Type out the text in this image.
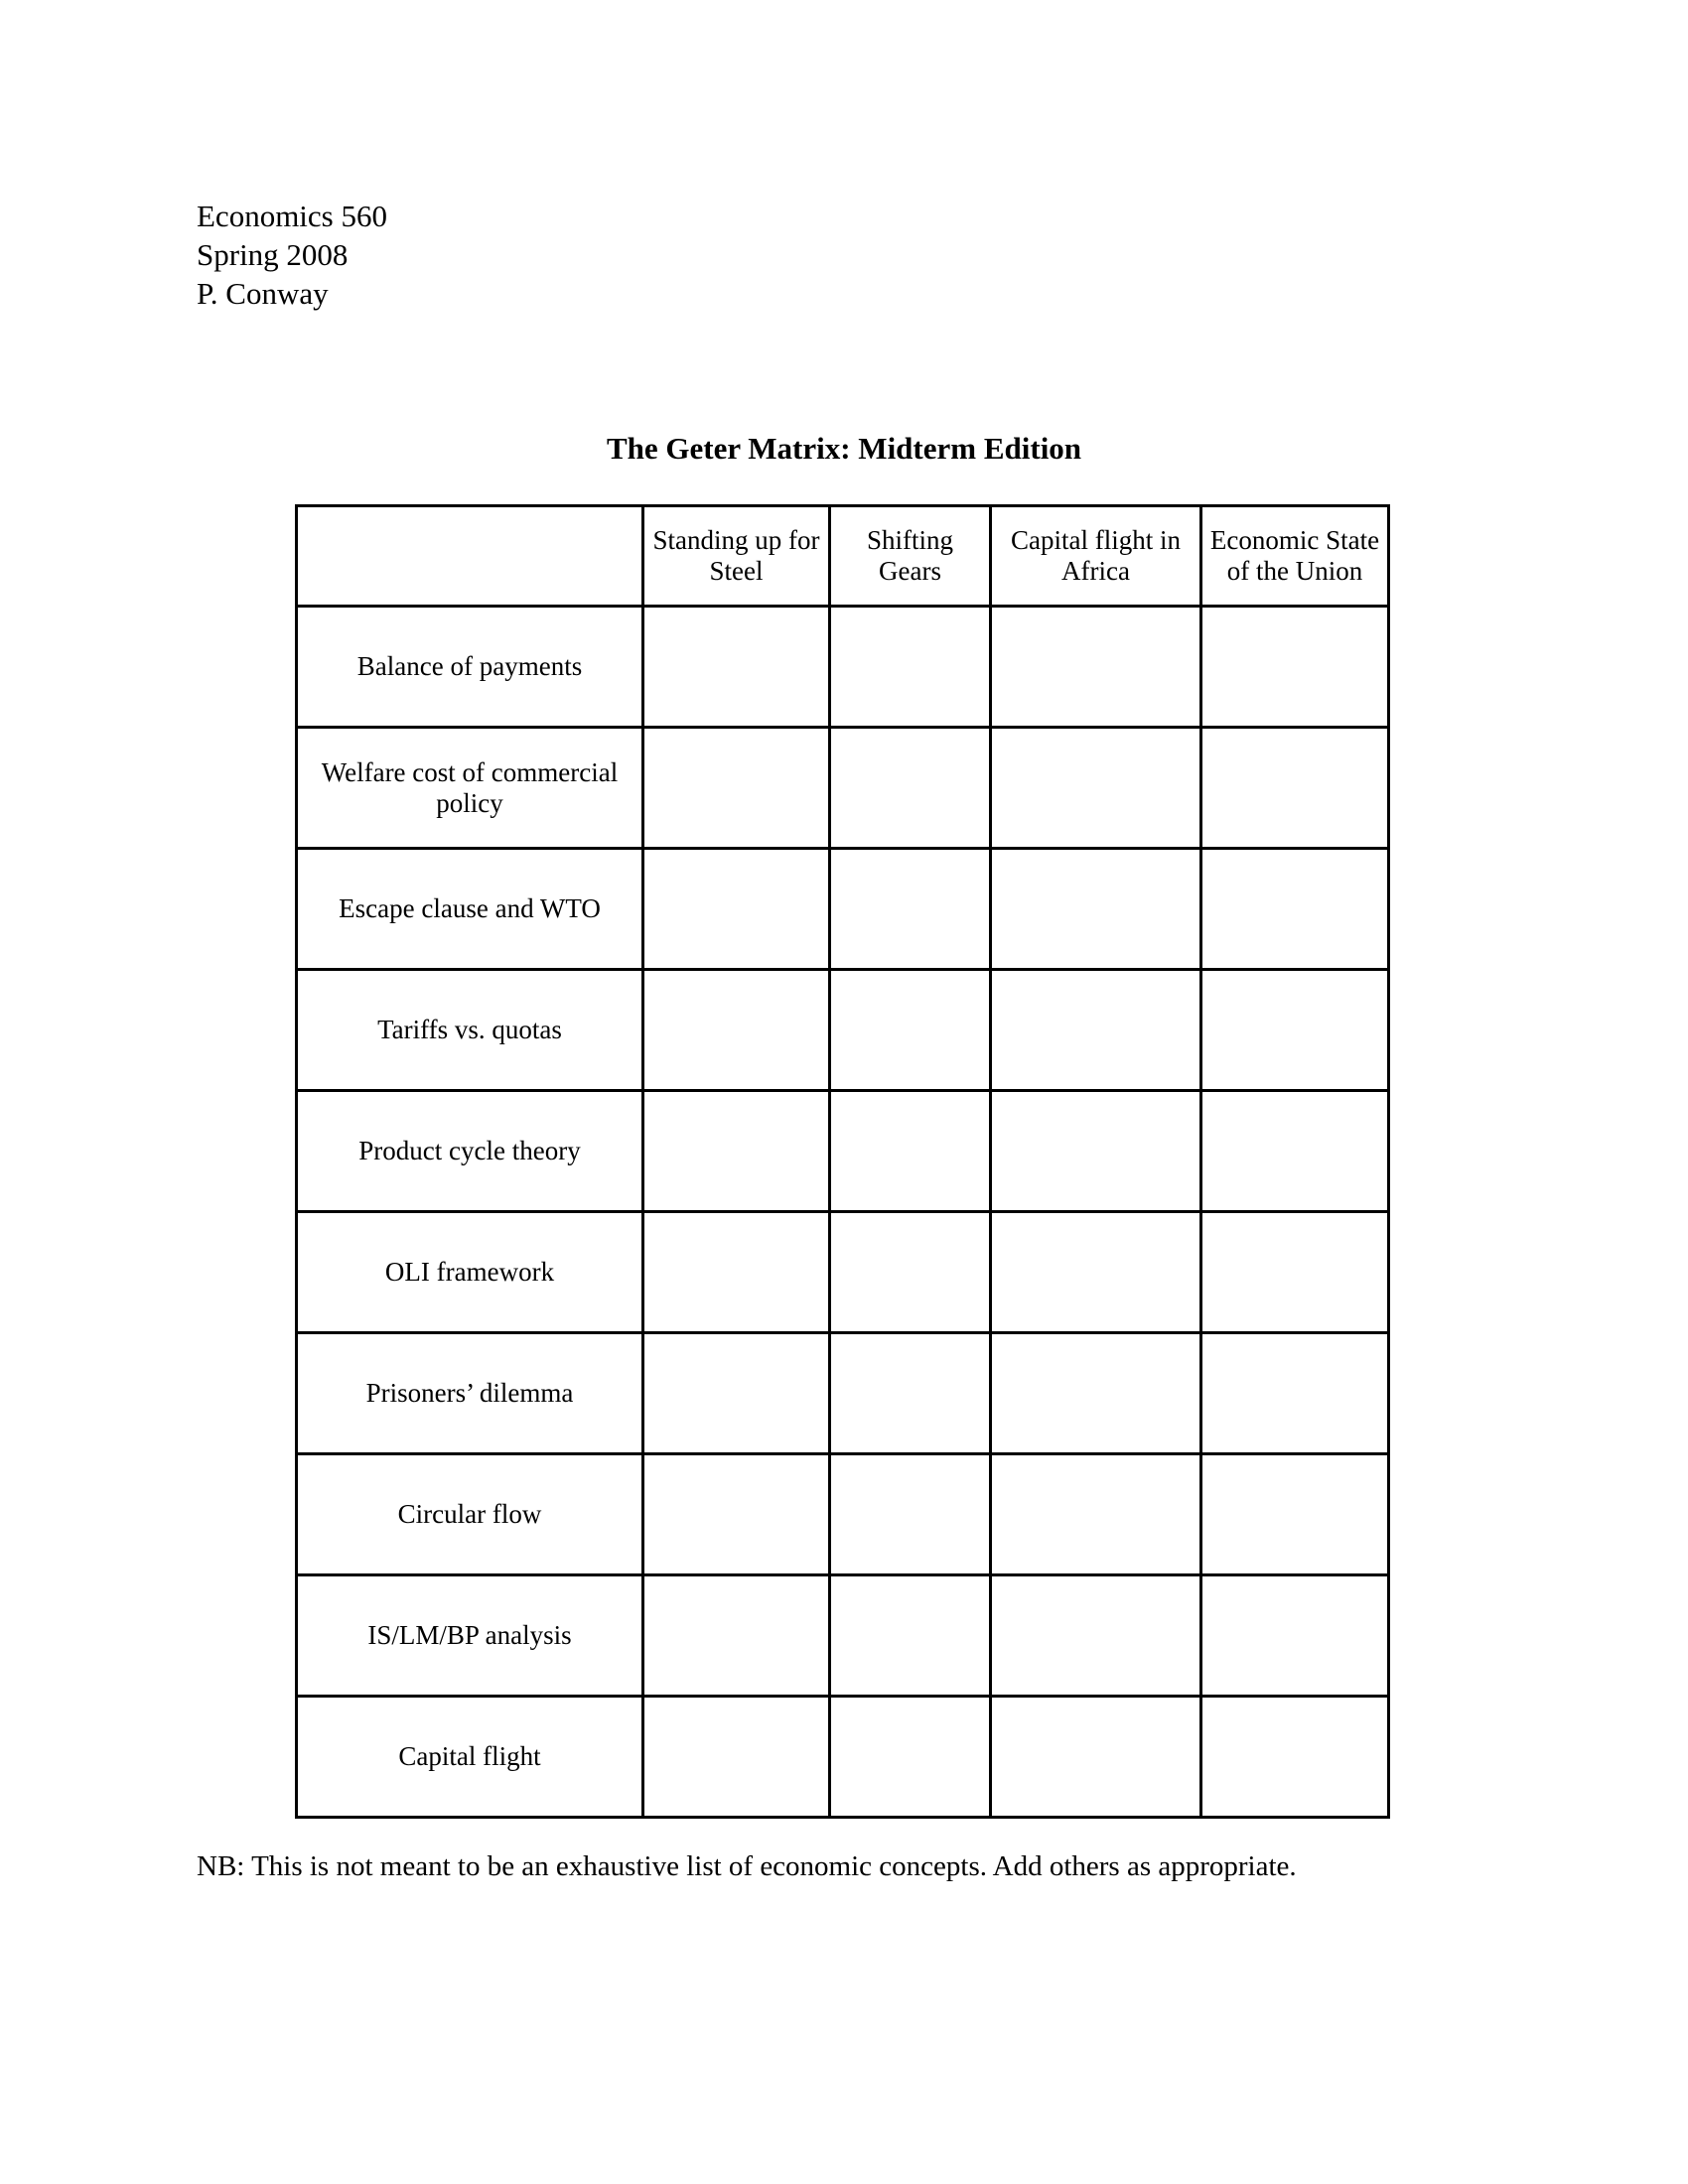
Economics 560
Spring 2008
P. Conway
The Geter Matrix: Midterm Edition
	Standing up for Steel	Shifting Gears	Capital flight in Africa	Economic State of the Union
Balance of payments				
Welfare cost of commercial policy				
Escape clause and WTO				
Tariffs vs. quotas				
Product cycle theory				
OLI framework				
Prisoners’ dilemma				
Circular flow				
IS/LM/BP analysis				
Capital flight				
NB: This is not meant to be an exhaustive list of economic concepts. Add others as appropriate.
